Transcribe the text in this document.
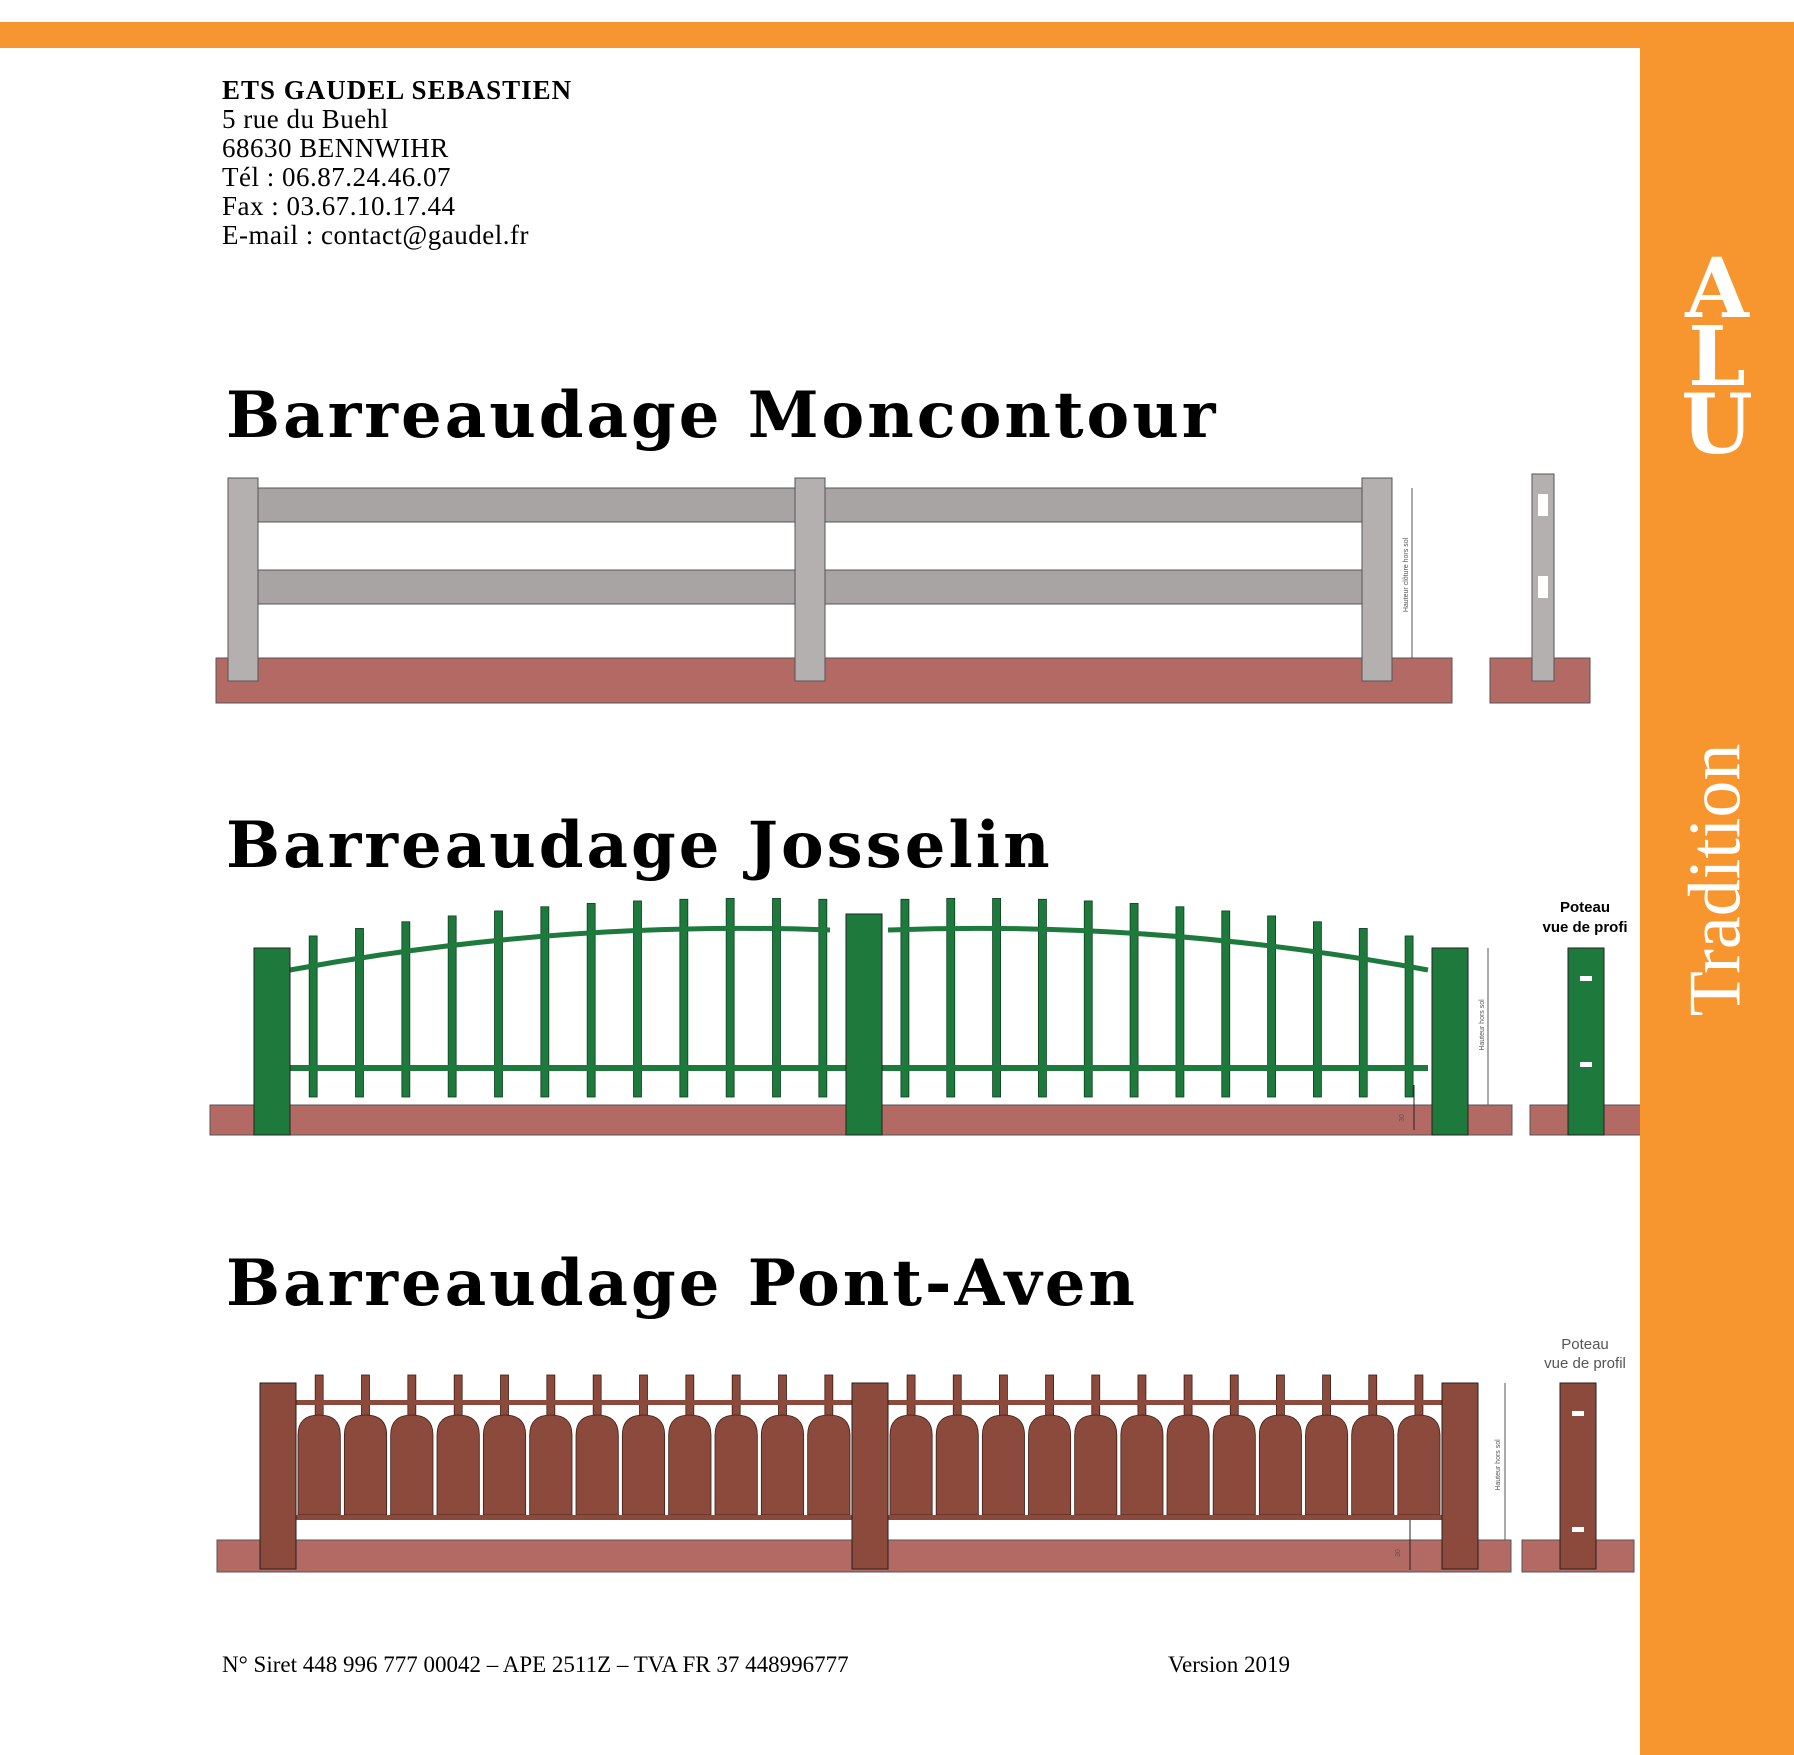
A
L
U
Tradition
ETS GAUDEL SEBASTIEN
5 rue du Buehl
68630 BENNWIHR
Tél : 06.87.24.46.07
Fax : 03.67.10.17.44
E-mail : contact@gaudel.fr
Barreaudage Moncontour
Hauteur clôture hors sol
Barreaudage Josselin
Hauteur hors sol
30
Poteau
vue de profi
Barreaudage Pont-Aven
Hauteur hors sol
30
Poteau
vue de profil
N° Siret 448 996 777 00042 – APE 2511Z – TVA FR 37 448996777	Version 2019
